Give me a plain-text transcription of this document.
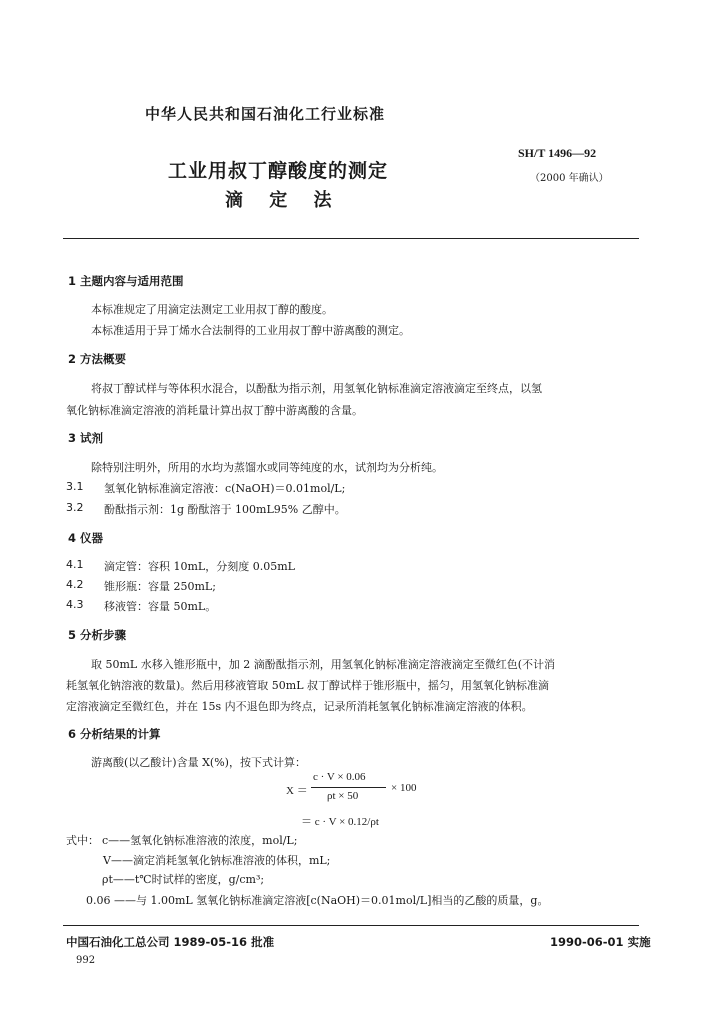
中华人民共和国石油化工行业标准
SH/T 1496—92
（2000 年确认）
工业用叔丁醇酸度的测定
滴 定 法
1 主题内容与适用范围
本标准规定了用滴定法测定工业用叔丁醇的酸度。
本标准适用于异丁烯水合法制得的工业用叔丁醇中游离酸的测定。
2 方法概要
将叔丁醇试样与等体积水混合，以酚酞为指示剂，用氢氧化钠标准滴定溶液滴定至终点，以氢
氧化钠标准滴定溶液的消耗量计算出叔丁醇中游离酸的含量。
3 试剂
除特别注明外，所用的水均为蒸馏水或同等纯度的水，试剂均为分析纯。
3.1 氢氧化钠标准滴定溶液：c(NaOH)＝0.01mol/L;
3.2 酚酞指示剂：1g 酚酞溶于 100mL95% 乙醇中。
4 仪器
4.1 滴定管：容积 10mL，分刻度 0.05mL
4.2 锥形瓶：容量 250mL;
4.3 移液管：容量 50mL。
5 分析步骤
取 50mL 水移入锥形瓶中，加 2 滴酚酞指示剂，用氢氧化钠标准滴定溶液滴定至微红色(不计消
耗氢氧化钠溶液的数量)。然后用移液管取 50mL 叔丁醇试样于锥形瓶中，摇匀，用氢氧化钠标准滴
定溶液滴定至微红色，并在 15s 内不退色即为终点，记录所消耗氢氧化钠标准滴定溶液的体积。
6 分析结果的计算
游离酸(以乙酸计)含量 X(%)，按下式计算：
X ＝
c · V × 0.06
ρt × 50
× 100
＝ c · V × 0.12/ρt
式中： c——氢氧化钠标准溶液的浓度，mol/L;
V——滴定消耗氢氧化钠标准溶液的体积，mL;
ρt——t℃时试样的密度，g/cm³;
0.06 ——与 1.00mL 氢氧化钠标准滴定溶液[c(NaOH)＝0.01mol/L]相当的乙酸的质量，g。
中国石油化工总公司 1989-05-16 批准	1990-06-01 实施
992
